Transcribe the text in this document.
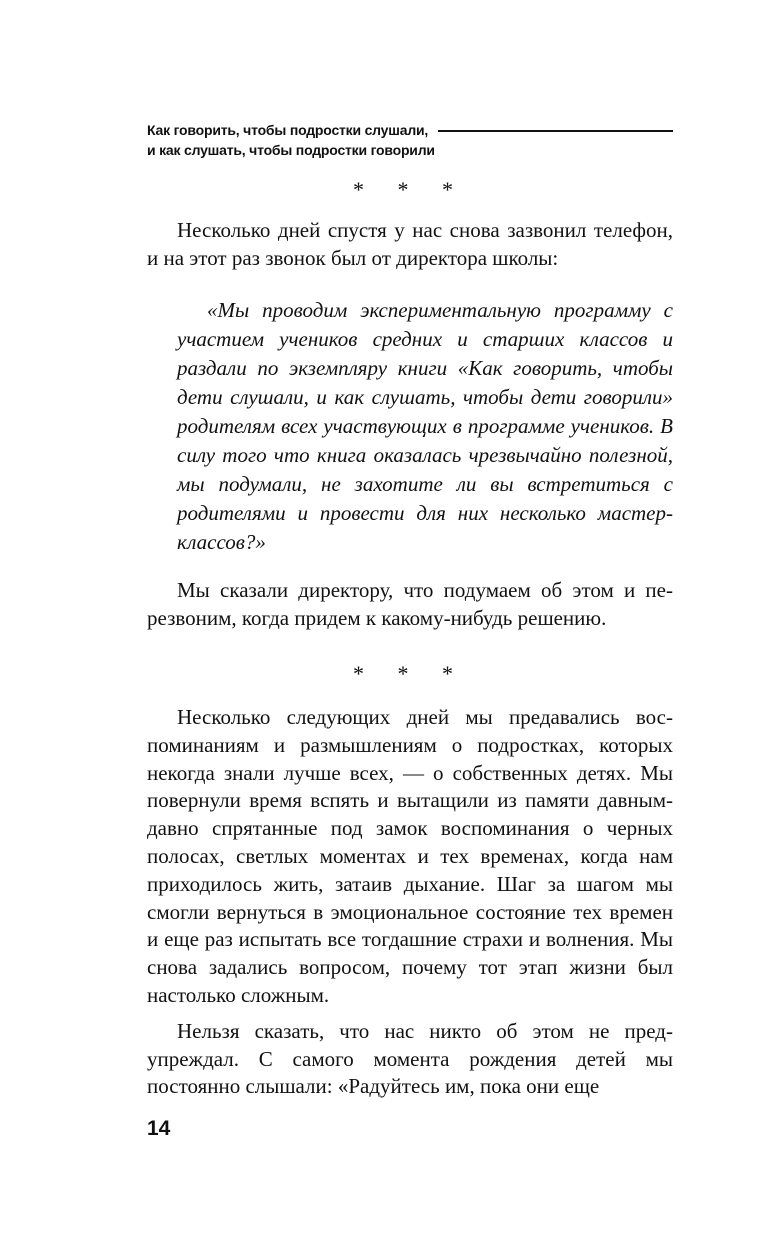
Как говорить, чтобы подростки слушали,
и как слушать, чтобы подростки говорили
* * *

Несколько дней спустя у нас снова зазвонил телефон, и на этот раз звонок был от директора школы:

«Мы проводим экспериментальную программу с участием учеников средних и старших классов и раздали по экземпляру книги «Как говорить, чтобы дети слушали, и как слушать, чтобы дети говорили» родителям всех участвующих в программе учеников. В силу того что книга оказалась чрезвычайно полезной, мы подумали, не захотите ли вы встретиться с родителями и провести для них несколько мастер-классов?»

Мы сказали директору, что подумаем об этом и перезвоним, когда придем к какому-нибудь решению.

* * *

Несколько следующих дней мы предавались воспоминаниям и размышлениям о подростках, которых некогда знали лучше всех, — о собственных детях. Мы повернули время вспять и вытащили из памяти давным-давно спрятанные под замок воспоминания о черных полосах, светлых моментах и тех временах, когда нам приходилось жить, затаив дыхание. Шаг за шагом мы смогли вернуться в эмоциональное состояние тех времен и еще раз испытать все тогдашние страхи и волнения. Мы снова задались вопросом, почему тот этап жизни был настолько сложным.

Нельзя сказать, что нас никто об этом не предупреждал. С самого момента рождения детей мы постоянно слышали: «Радуйтесь им, пока они еще

14
